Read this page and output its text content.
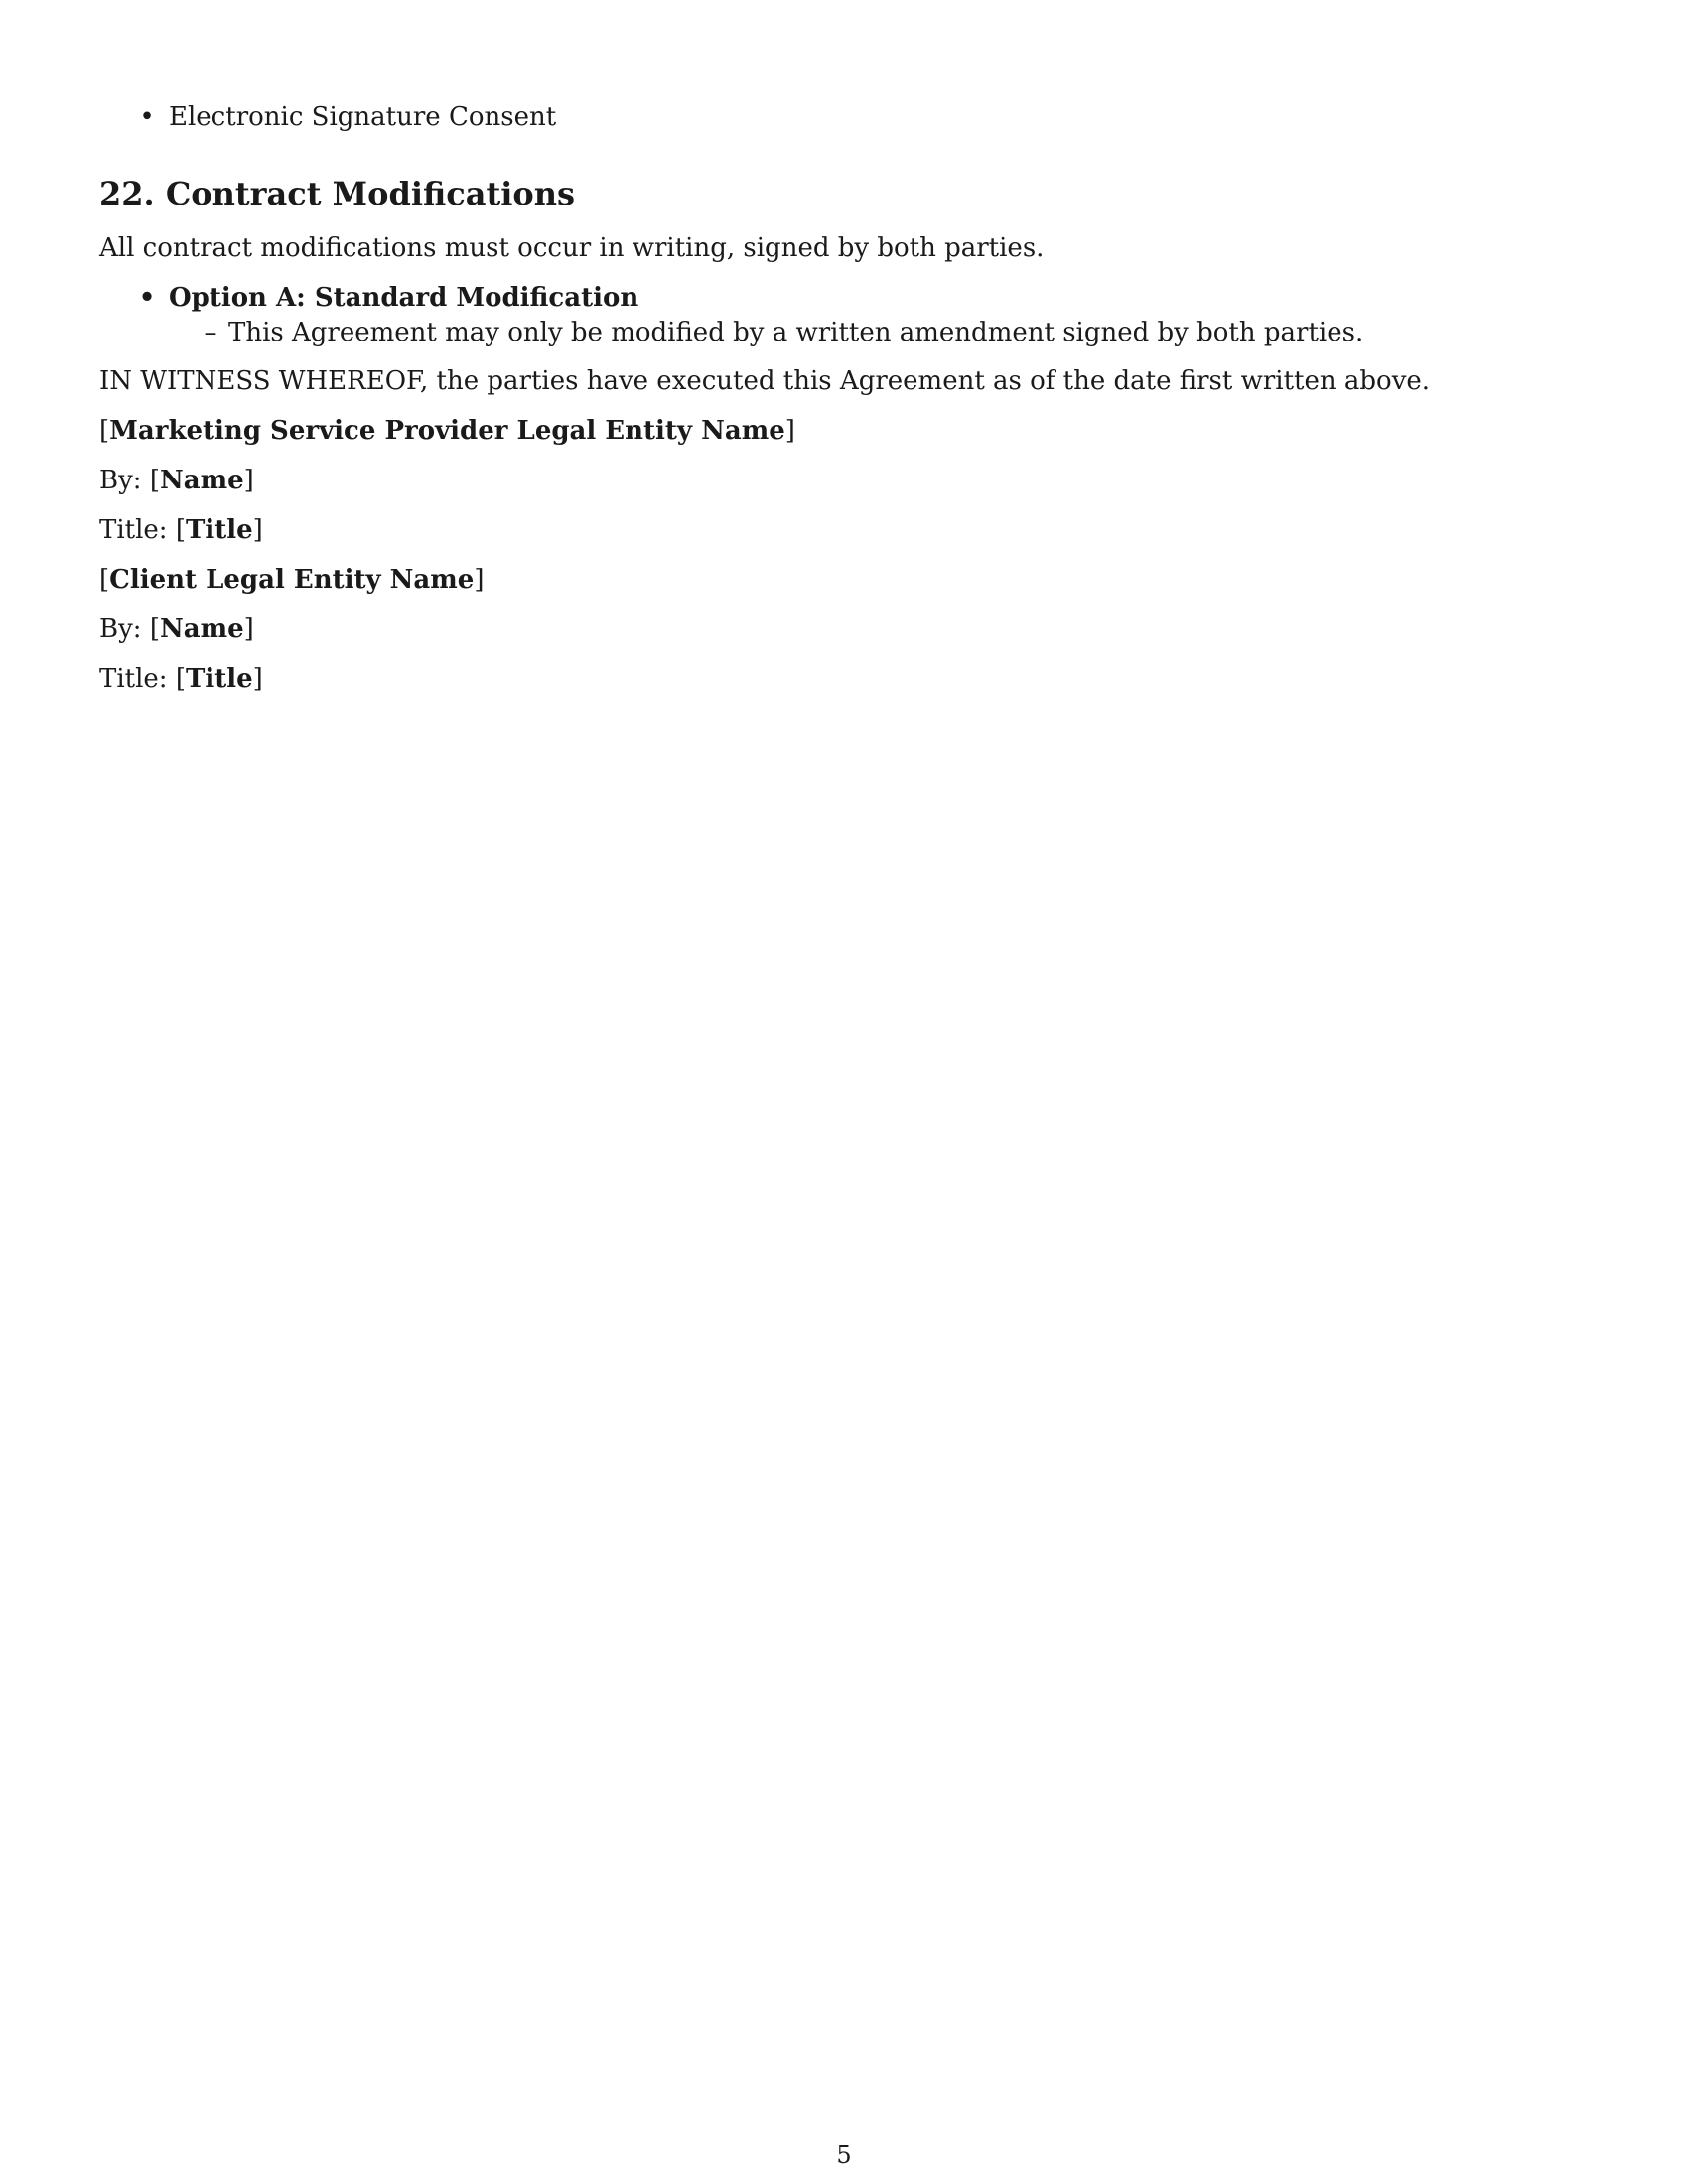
• Electronic Signature Consent
22. Contract Modifications

All contract modifications must occur in writing, signed by both parties.

• Option A: Standard Modification
– This Agreement may only be modified by a written amendment signed by both parties.

IN WITNESS WHEREOF, the parties have executed this Agreement as of the date first written above.

[Marketing Service Provider Legal Entity Name]
By: [Name]
Title: [Title]
[Client Legal Entity Name]
By: [Name]
Title: [Title]
5
